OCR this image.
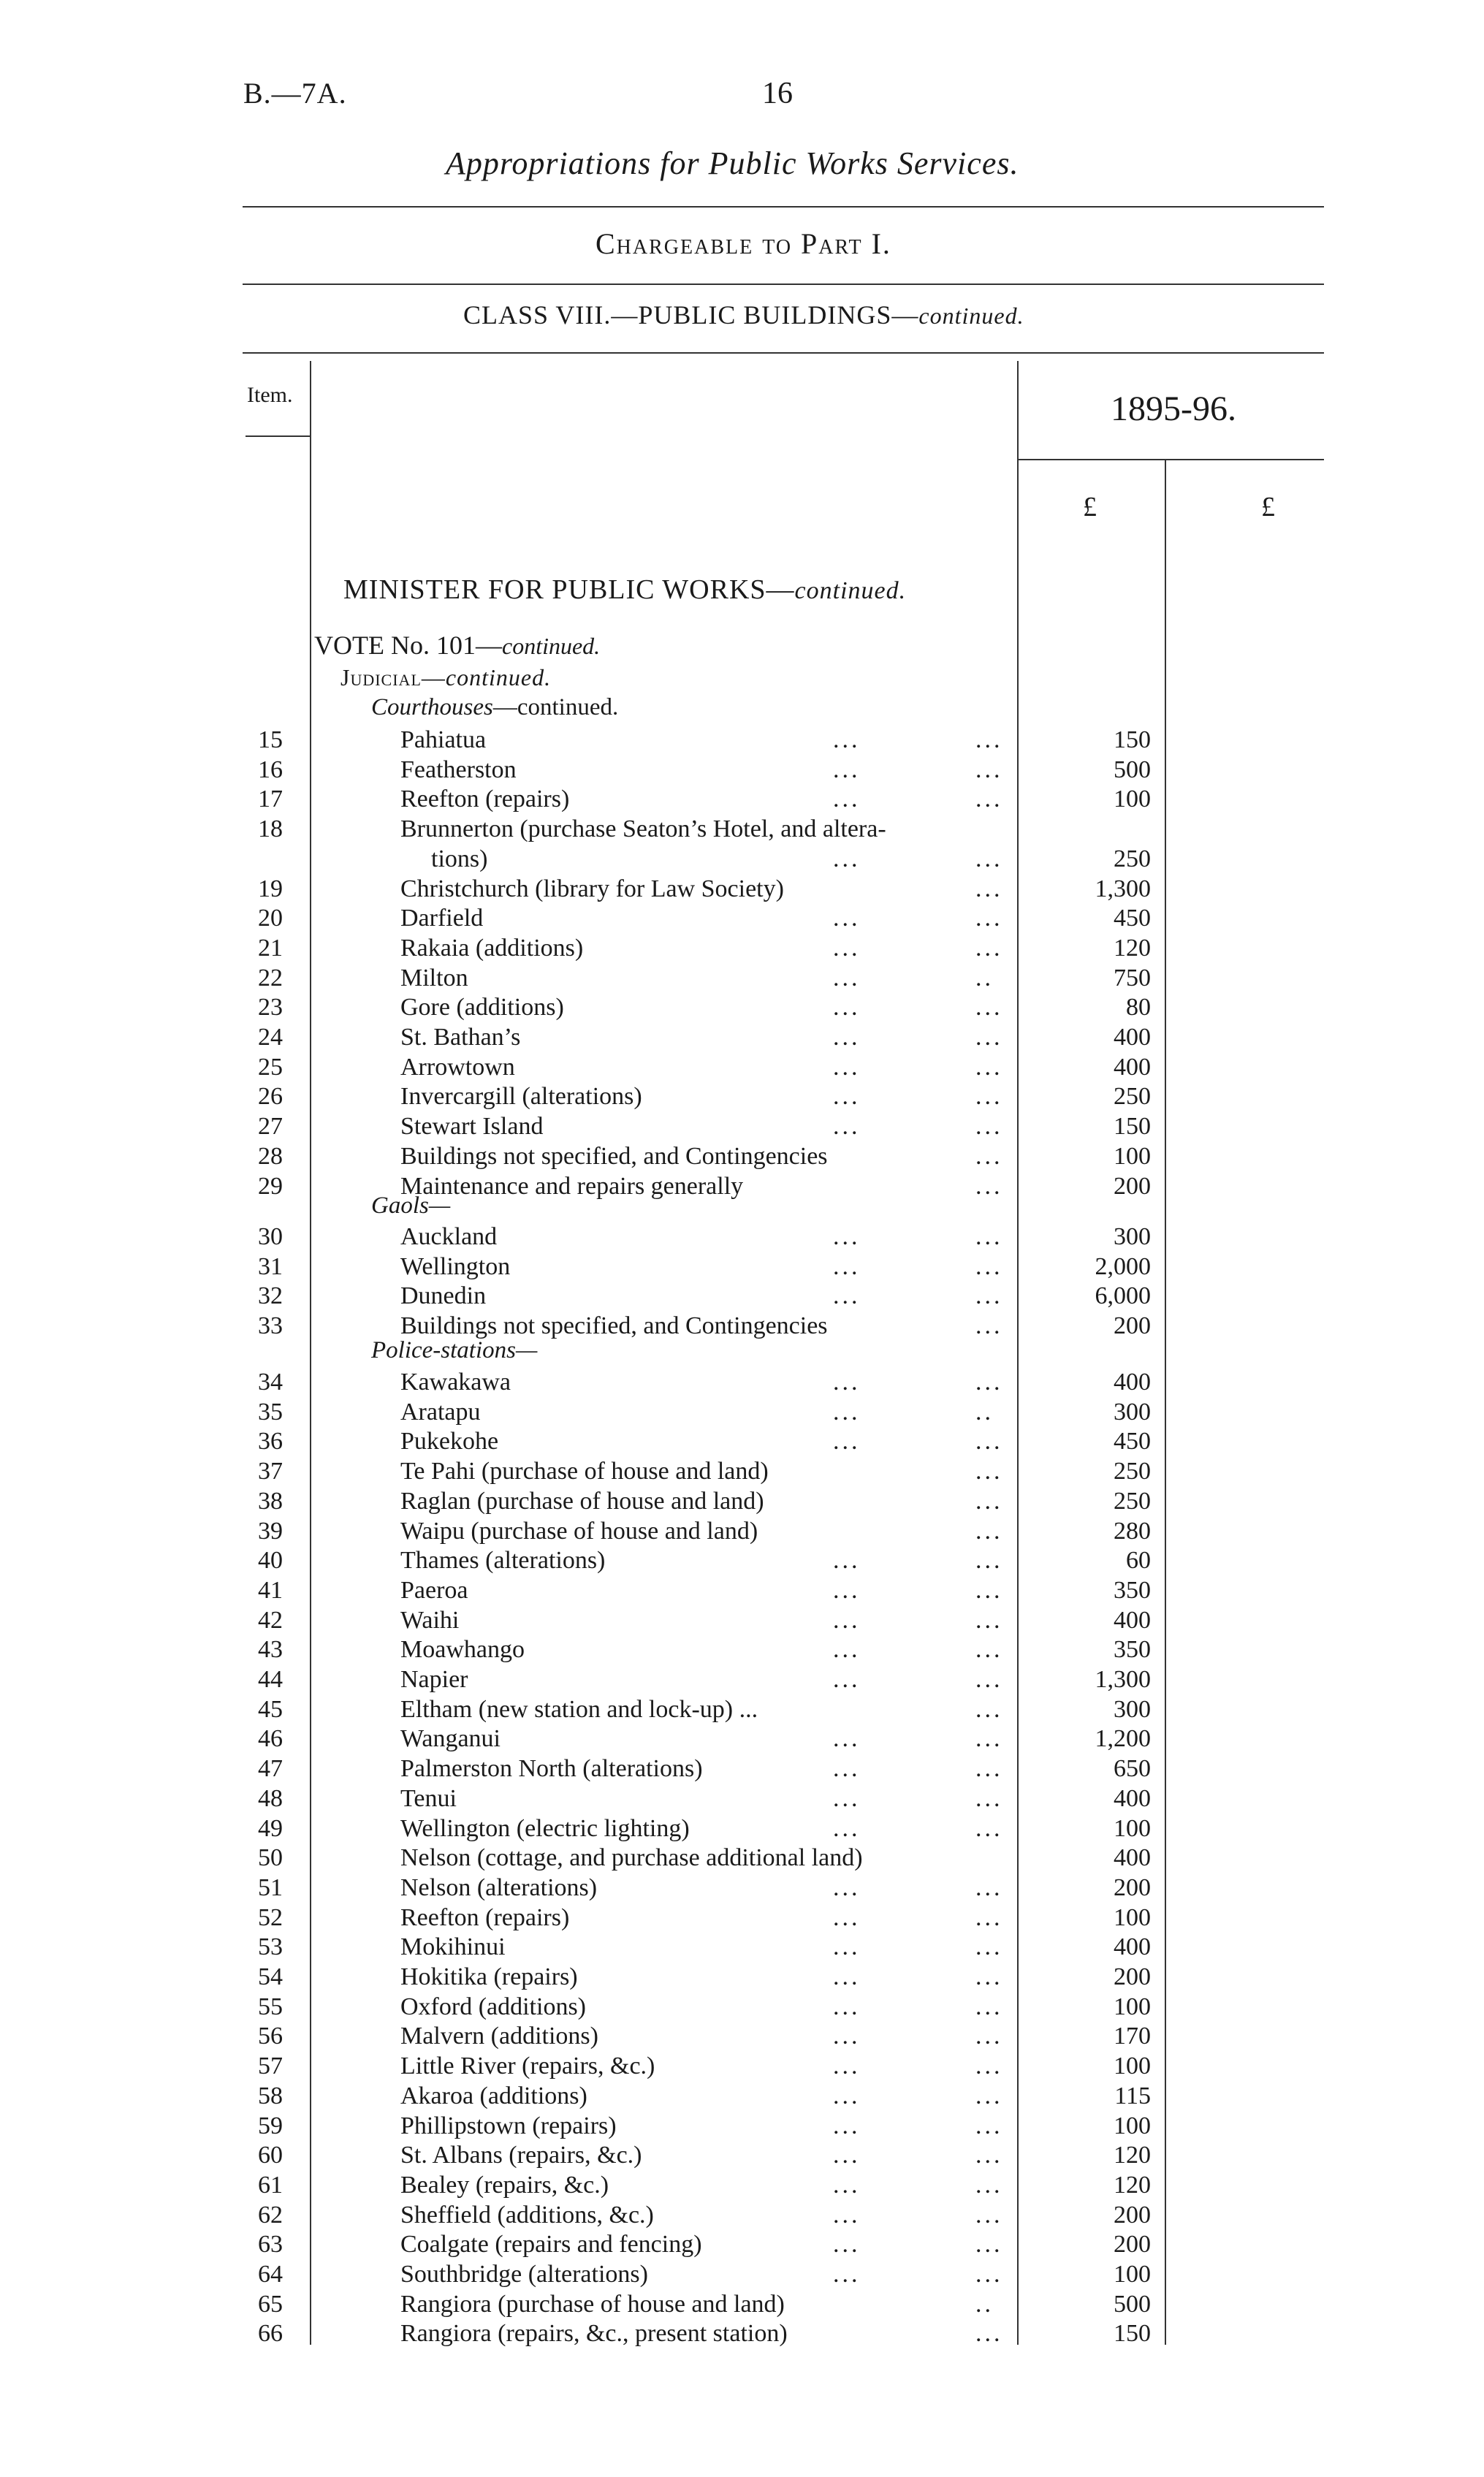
B.—7A.	16
Appropriations for Public Works Services.
Chargeable to Part I.
CLASS VIII.—PUBLIC BUILDINGS—continued.
Item.	1895-96.
£	£
MINISTER FOR PUBLIC WORKS—continued.
VOTE No. 101—continued.
Judicial—continued.
Courthouses—continued.
15	Pahiatua	...	...	150
16	Featherston	...	...	500
17	Reefton (repairs)	...	...	100
18	Brunnerton (purchase Seaton’s Hotel, and altera-
tions)	...	...	250
19	Christchurch (library for Law Society)	...	1,300
20	Darfield	...	...	450
21	Rakaia (additions)	...	...	120
22	Milton	...	..	750
23	Gore (additions)	...	...	80
24	St. Bathan’s	...	...	400
25	Arrowtown	...	...	400
26	Invercargill (alterations)	...	...	250
27	Stewart Island	...	...	150
28	Buildings not specified, and Contingencies	...	100
29	Maintenance and repairs generally	...	200
Gaols—
30	Auckland	...	...	300
31	Wellington	...	...	2,000
32	Dunedin	...	...	6,000
33	Buildings not specified, and Contingencies	...	200
Police-stations—
34	Kawakawa	...	...	400
35	Aratapu	...	..	300
36	Pukekohe	...	...	450
37	Te Pahi (purchase of house and land)	...	250
38	Raglan (purchase of house and land)	...	250
39	Waipu (purchase of house and land)	...	280
40	Thames (alterations)	...	...	60
41	Paeroa	...	...	350
42	Waihi	...	...	400
43	Moawhango	...	...	350
44	Napier	...	...	1,300
45	Eltham (new station and lock-up) ...	...	300
46	Wanganui	...	...	1,200
47	Palmerston North (alterations)	...	...	650
48	Tenui	...	...	400
49	Wellington (electric lighting)	...	...	100
50	Nelson (cottage, and purchase additional land)	400
51	Nelson (alterations)	...	...	200
52	Reefton (repairs)	...	...	100
53	Mokihinui	...	...	400
54	Hokitika (repairs)	...	...	200
55	Oxford (additions)	...	...	100
56	Malvern (additions)	...	...	170
57	Little River (repairs, &c.)	...	...	100
58	Akaroa (additions)	...	...	115
59	Phillipstown (repairs)	...	...	100
60	St. Albans (repairs, &c.)	...	...	120
61	Bealey (repairs, &c.)	...	...	120
62	Sheffield (additions, &c.)	...	...	200
63	Coalgate (repairs and fencing)	...	...	200
64	Southbridge (alterations)	...	...	100
65	Rangiora (purchase of house and land)	..	500
66	Rangiora (repairs, &c., present station)	...	150
